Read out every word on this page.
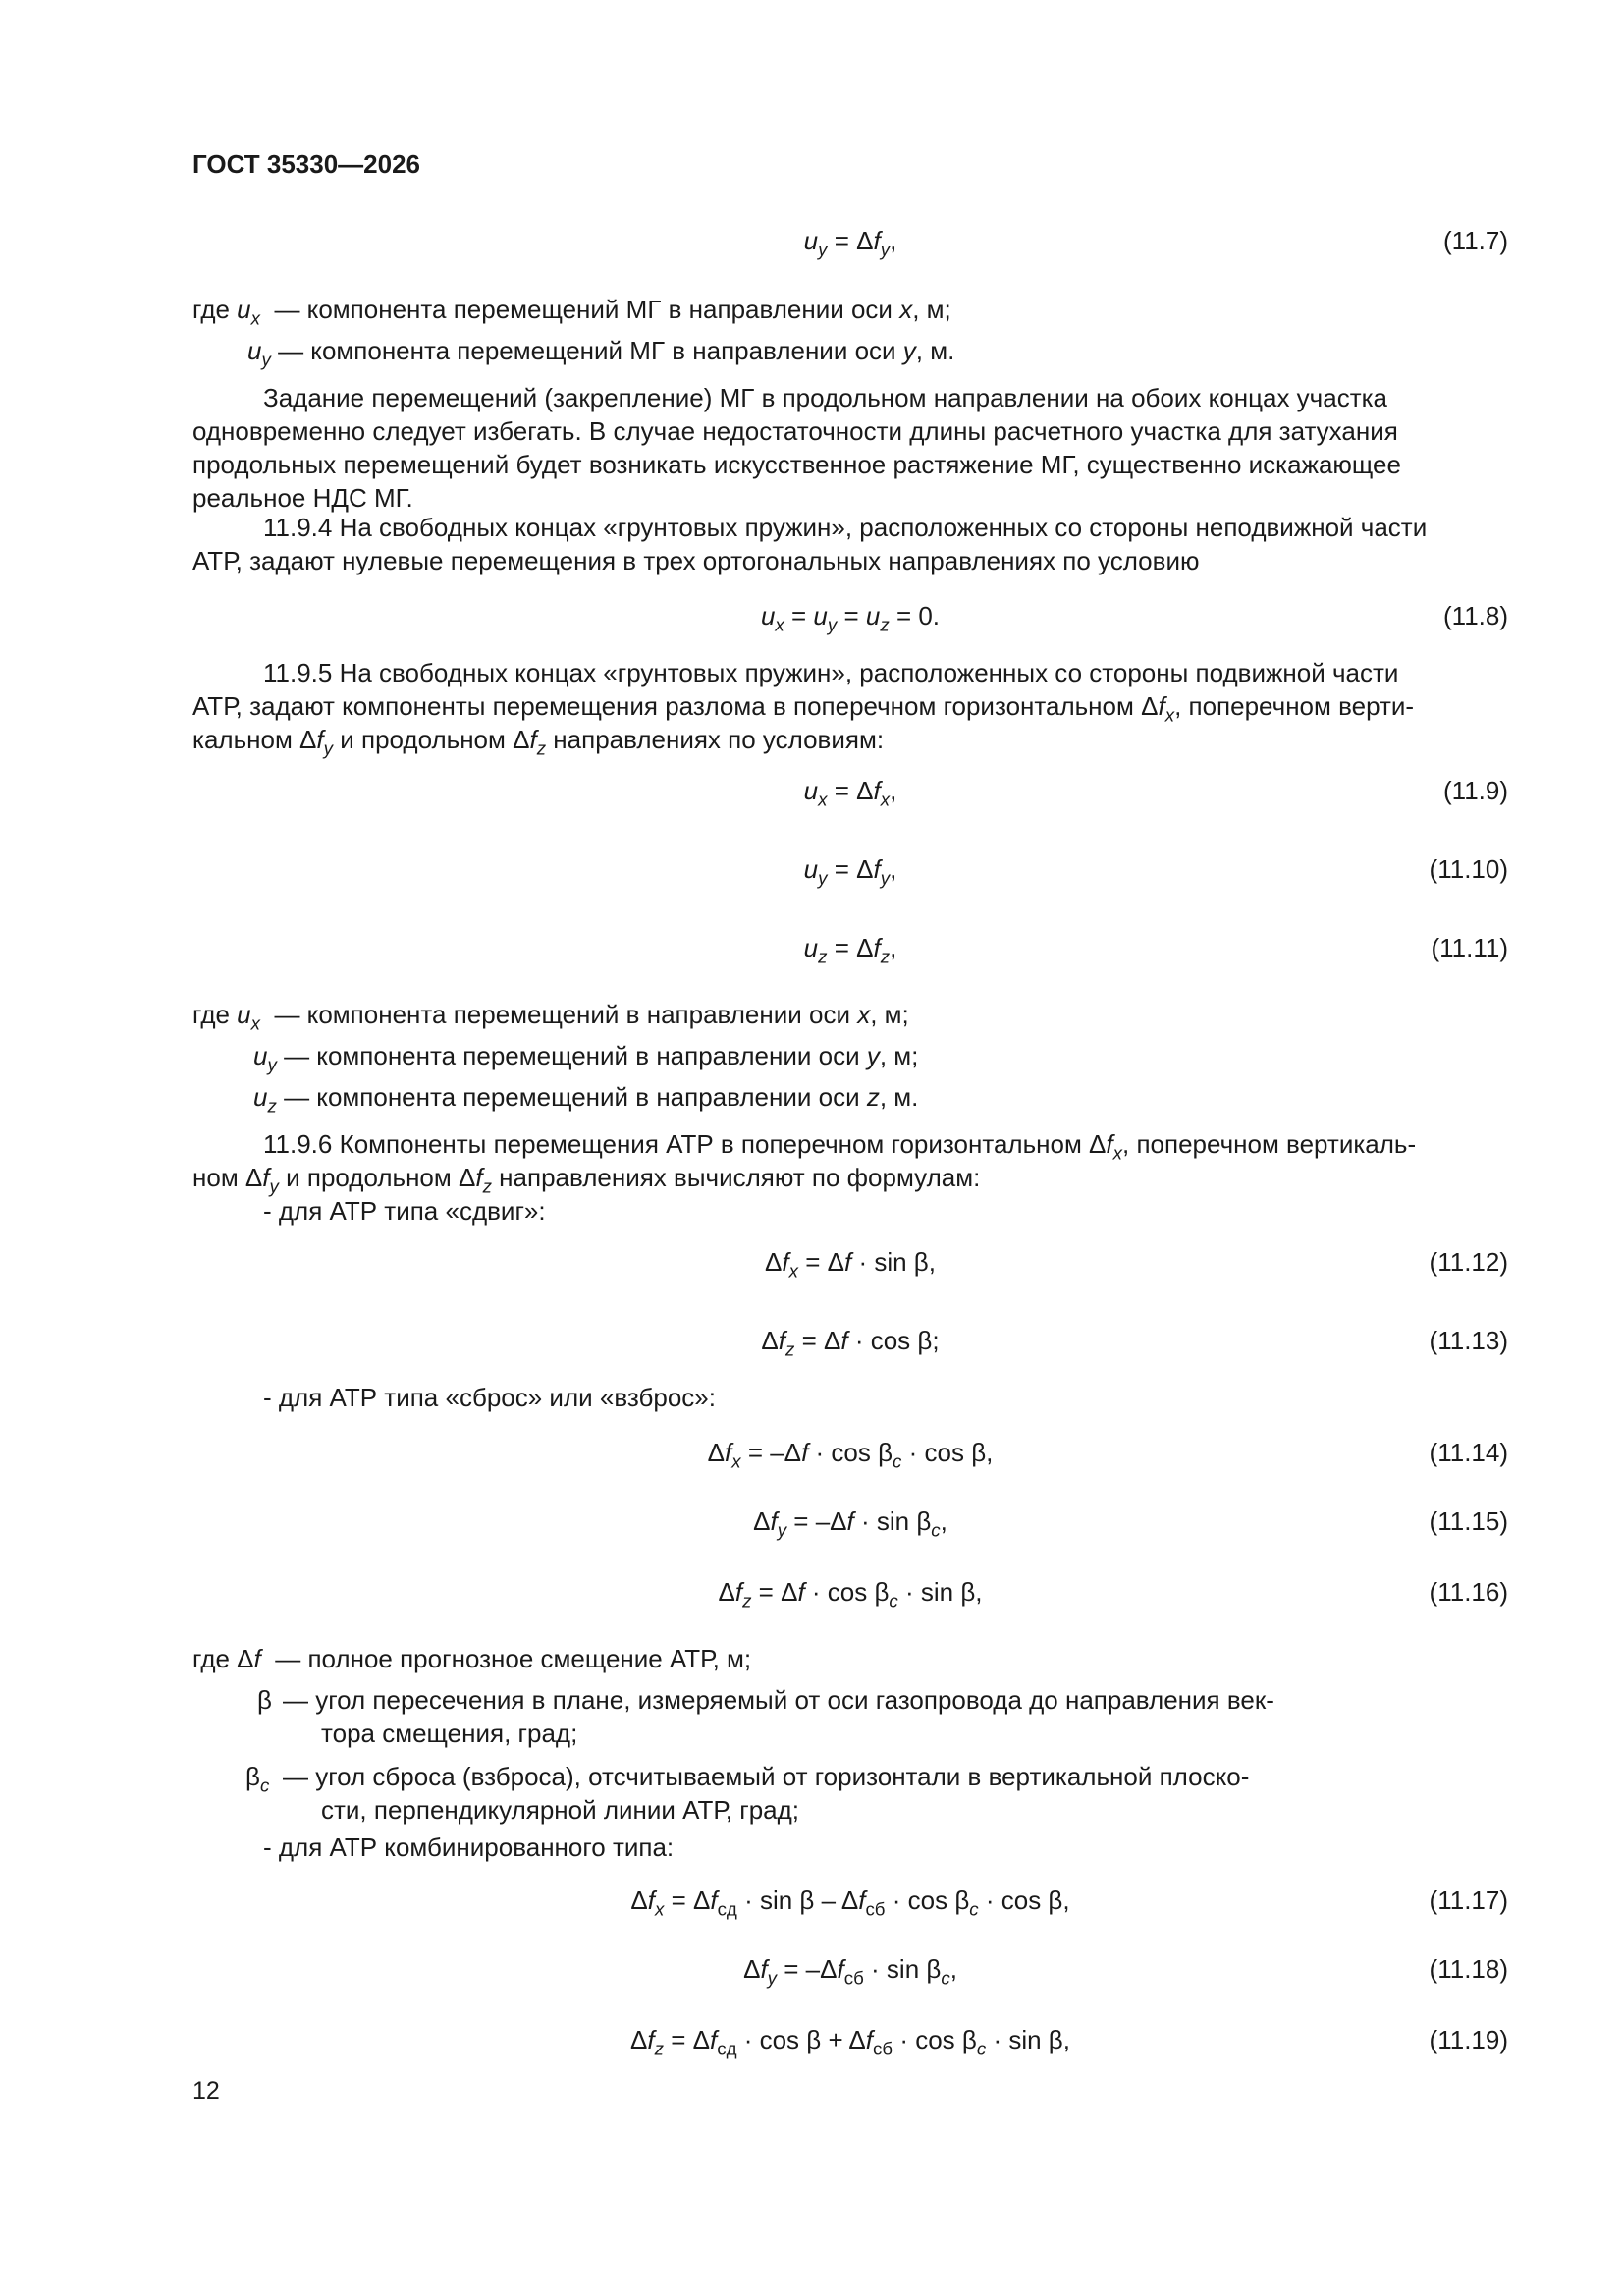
ГОСТ 35330—2026
$u_y = \Delta f_y$,	(11.7)
где $u_x$ — компонента перемещений МГ в направлении оси x, м;
$u_y$ — компонента перемещений МГ в направлении оси y, м.
Задание перемещений (закрепление) МГ в продольном направлении на обоих концах участка
одновременно следует избегать. В случае недостаточности длины расчетного участка для затухания
продольных перемещений будет возникать искусственное растяжение МГ, существенно искажающее
реальное НДС МГ.
11.9.4 На свободных концах «грунтовых пружин», расположенных со стороны неподвижной части
АТР, задают нулевые перемещения в трех ортогональных направлениях по условию
$u_x = u_y = u_z = 0$.	(11.8)
11.9.5 На свободных концах «грунтовых пружин», расположенных со стороны подвижной части
АТР, задают компоненты перемещения разлома в поперечном горизонтальном $\Delta f_x$, поперечном верти-
кальном $\Delta f_y$ и продольном $\Delta f_z$ направлениях по условиям:
$u_x = \Delta f_x$,	(11.9)
$u_y = \Delta f_y$,	(11.10)
$u_z = \Delta f_z$,	(11.11)
где $u_x$ — компонента перемещений в направлении оси x, м;
$u_y$ — компонента перемещений в направлении оси y, м;
$u_z$ — компонента перемещений в направлении оси z, м.
11.9.6 Компоненты перемещения АТР в поперечном горизонтальном $\Delta f_x$, поперечном вертикаль-
ном $\Delta f_y$ и продольном $\Delta f_z$ направлениях вычисляют по формулам:
- для АТР типа «сдвиг»:
$\Delta f_x = \Delta f \cdot \sin \beta$,	(11.12)
$\Delta f_z = \Delta f \cdot \cos \beta$;	(11.13)
- для АТР типа «сброс» или «взброс»:
$\Delta f_x = -\Delta f \cdot \cos \beta_c \cdot \cos \beta$,	(11.14)
$\Delta f_y = -\Delta f \cdot \sin \beta_c$,	(11.15)
$\Delta f_z = \Delta f \cdot \cos \beta_c \cdot \sin \beta$,	(11.16)
где Δf — полное прогнозное смещение АТР, м;
β — угол пересечения в плане, измеряемый от оси газопровода до направления век-
тора смещения, град;
$\beta_c$ — угол сброса (взброса), отсчитываемый от горизонтали в вертикальной плоско-
сти, перпендикулярной линии АТР, град;
- для АТР комбинированного типа:
$\Delta f_x = \Delta f_{сд} \cdot \sin \beta - \Delta f_{сб} \cdot \cos \beta_c \cdot \cos \beta$,	(11.17)
$\Delta f_y = -\Delta f_{сб} \cdot \sin \beta_c$,	(11.18)
$\Delta f_z = \Delta f_{сд} \cdot \cos \beta + \Delta f_{сб} \cdot \cos \beta_c \cdot \sin \beta$,	(11.19)
12
